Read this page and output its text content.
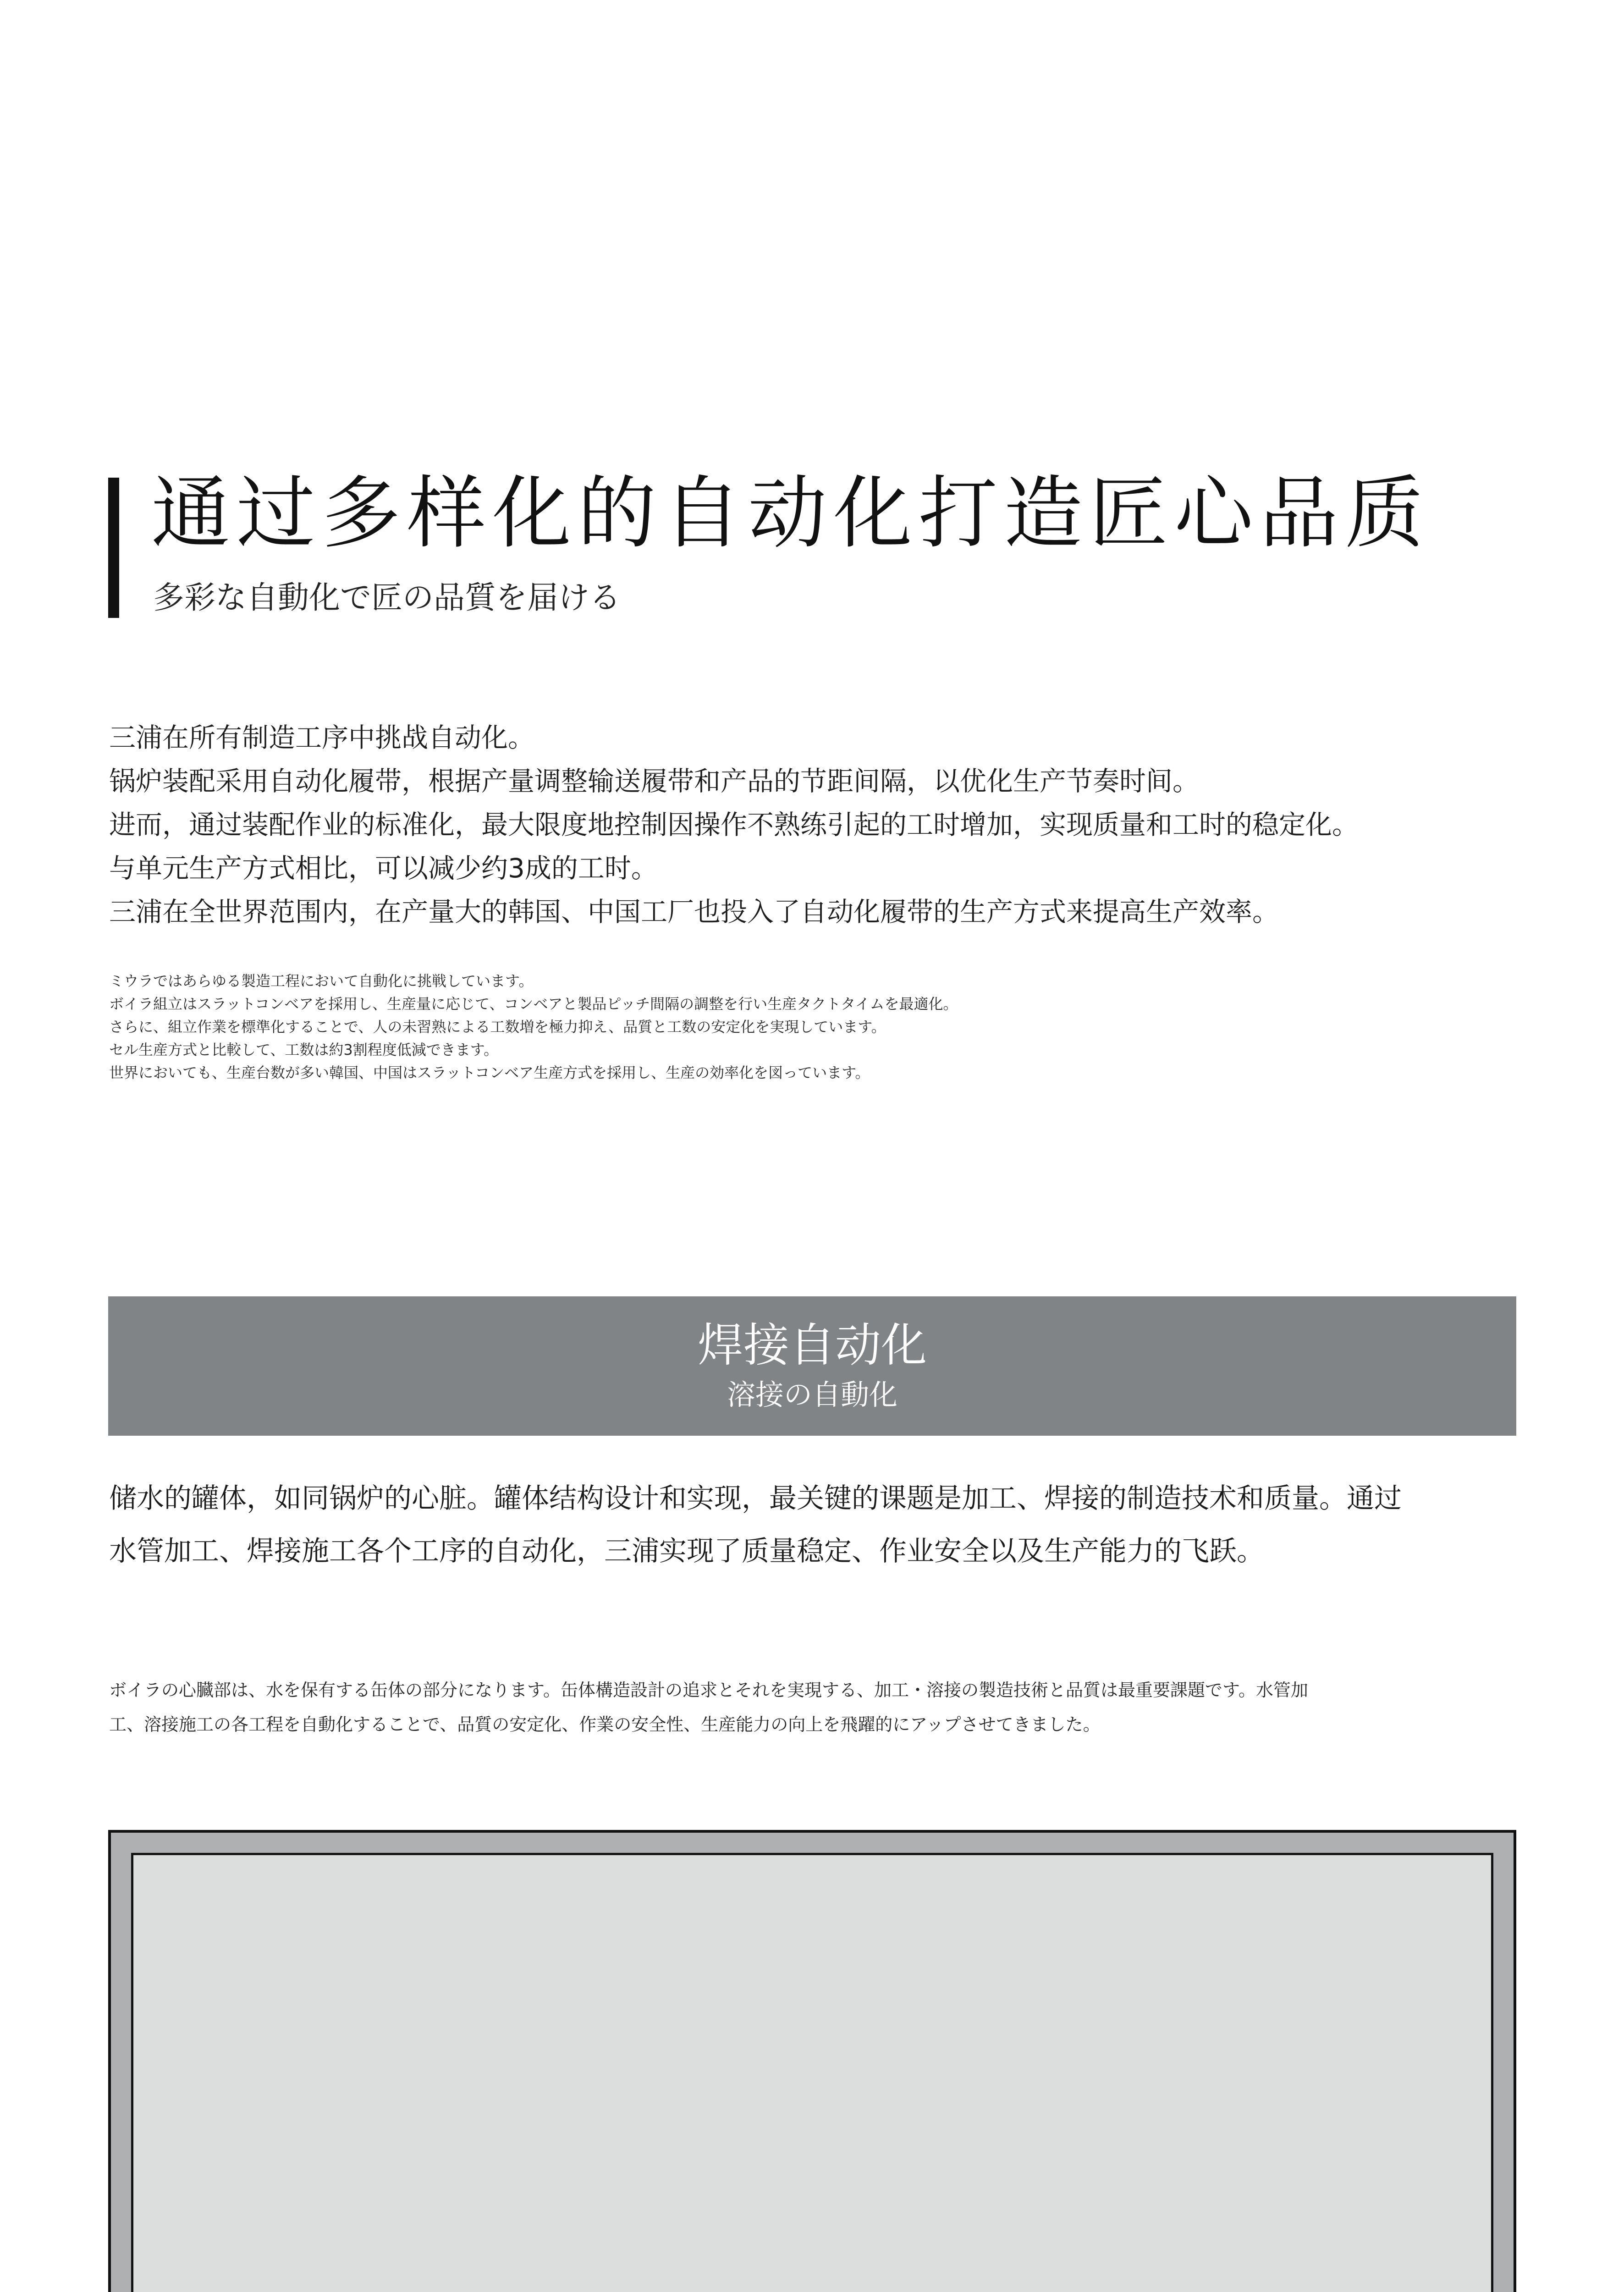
通过多样化的自动化打造匠心品质
多彩な自動化で匠の品質を届ける
三浦在所有制造工序中挑战自动化。
锅炉装配采用自动化履带，根据产量调整输送履带和产品的节距间隔，以优化生产节奏时间。
进而，通过装配作业的标准化，最大限度地控制因操作不熟练引起的工时增加，实现质量和工时的稳定化。
与单元生产方式相比，可以减少约3成的工时。
三浦在全世界范围内，在产量大的韩国、中国工厂也投入了自动化履带的生产方式来提高生产效率。
ミウラではあらゆる製造工程において自動化に挑戦しています。
ボイラ組立はスラットコンベアを採用し、生産量に応じて、コンベアと製品ピッチ間隔の調整を行い生産タクトタイムを最適化。
さらに、組立作業を標準化することで、人の未習熟による工数増を極力抑え、品質と工数の安定化を実現しています。
セル生産方式と比較して、工数は約3割程度低減できます。
世界においても、生産台数が多い韓国、中国はスラットコンベア生産方式を採用し、生産の効率化を図っています。
焊接自动化
溶接の自動化
储水的罐体，如同锅炉的心脏。罐体结构设计和实现，最关键的课题是加工、焊接的制造技术和质量。通过
水管加工、焊接施工各个工序的自动化，三浦实现了质量稳定、作业安全以及生产能力的飞跃。
ボイラの心臓部は、水を保有する缶体の部分になります。缶体構造設計の追求とそれを実現する、加工・溶接の製造技術と品質は最重要課題です。水管加
工、溶接施工の各工程を自動化することで、品質の安定化、作業の安全性、生産能力の向上を飛躍的にアップさせてきました。
